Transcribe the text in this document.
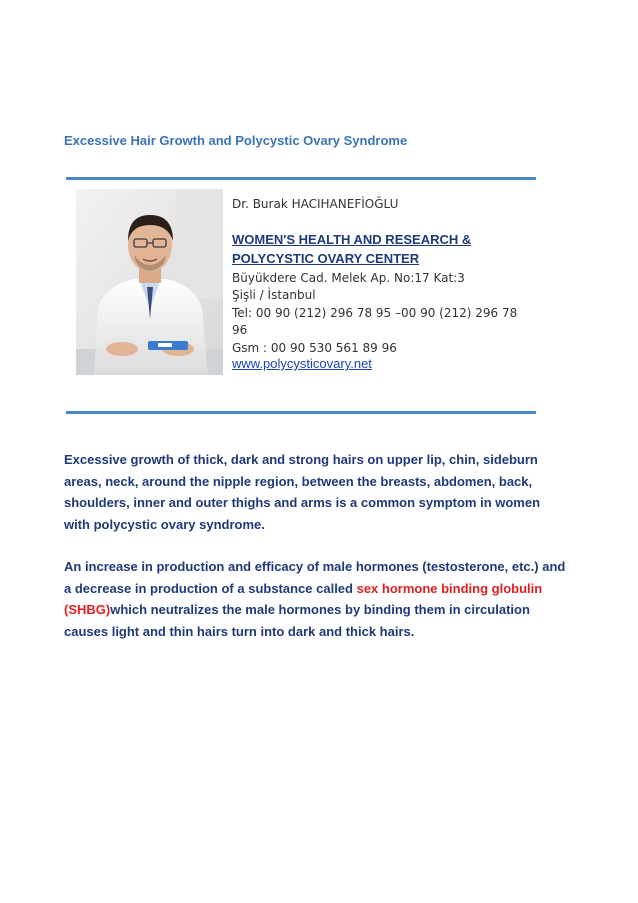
Excessive Hair Growth and Polycystic Ovary Syndrome
Dr. Burak HACIHANEFİOĞLU
WOMEN'S HEALTH AND RESEARCH & POLYCYSTIC OVARY CENTER
Büyükdere Cad. Melek Ap. No:17 Kat:3
Şişli / İstanbul
Tel: 00 90 (212) 296 78 95 –00 90 (212) 296 78
96
Gsm : 00 90 530 561 89 96
www.polycysticovary.net

Excessive growth of thick, dark and strong hairs on upper lip, chin, sideburn areas, neck, around the nipple region, between the breasts, abdomen, back, shoulders, inner and outer thighs and arms is a common symptom in women with polycystic ovary syndrome.

An increase in production and efficacy of male hormones (testosterone, etc.) and a decrease in production of a substance called sex hormone binding globulin (SHBG)which neutralizes the male hormones by binding them in circulation causes light and thin hairs turn into dark and thick hairs.
